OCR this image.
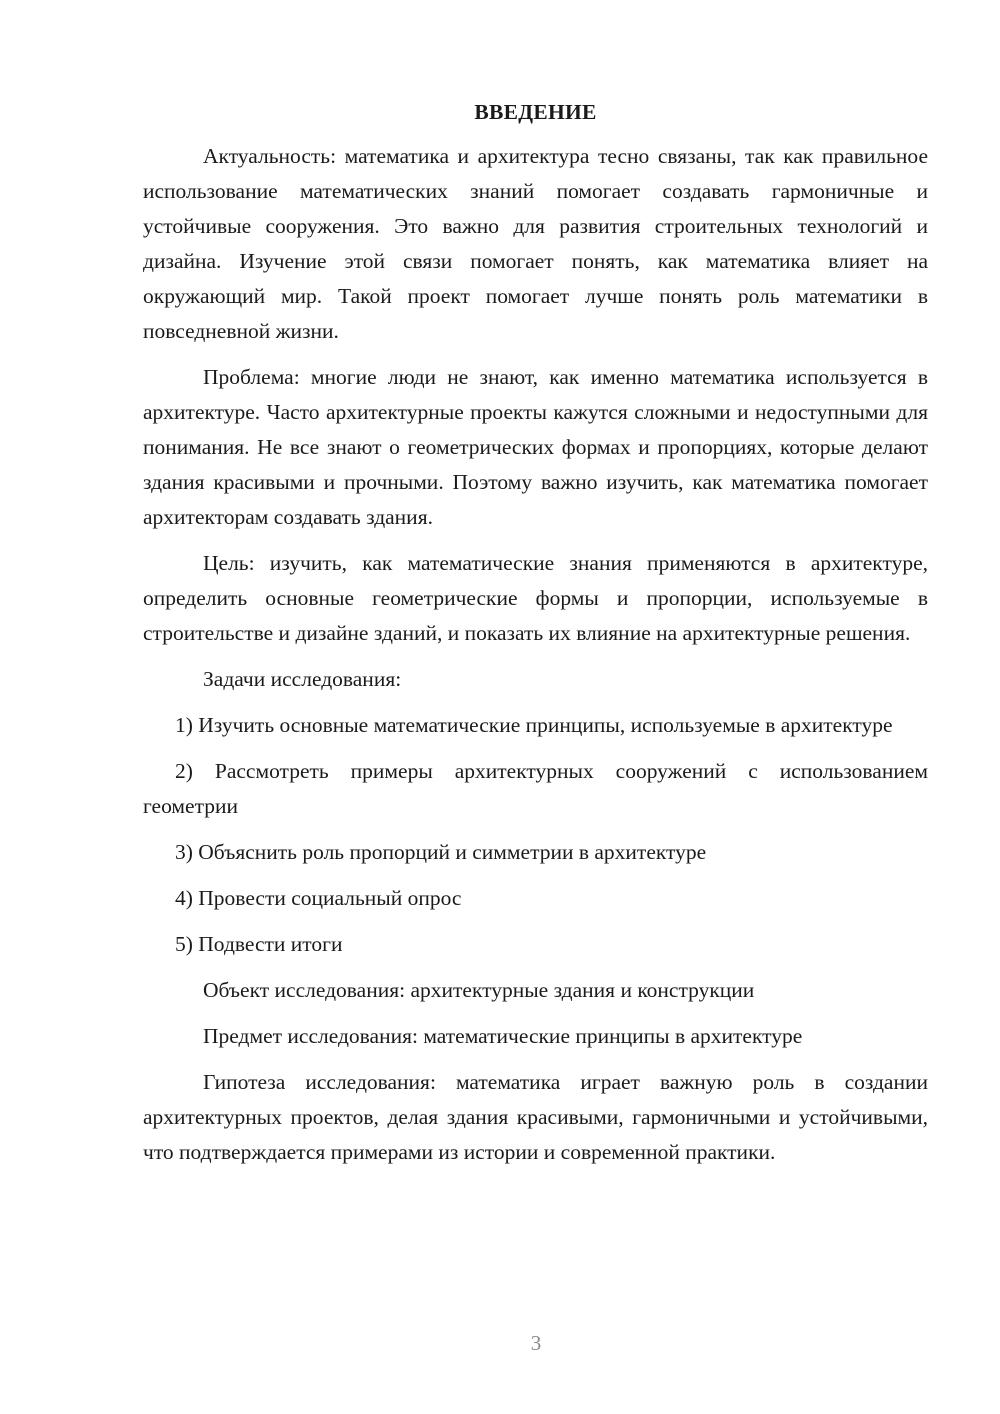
ВВЕДЕНИЕ

Актуальность: математика и архитектура тесно связаны, так как правильное использование математических знаний помогает создавать гармоничные и устойчивые сооружения. Это важно для развития строительных технологий и дизайна. Изучение этой связи помогает понять, как математика влияет на окружающий мир. Такой проект помогает лучше понять роль математики в повседневной жизни.

Проблема: многие люди не знают, как именно математика используется в архитектуре. Часто архитектурные проекты кажутся сложными и недоступными для понимания. Не все знают о геометрических формах и пропорциях, которые делают здания красивыми и прочными. Поэтому важно изучить, как математика помогает архитекторам создавать здания.

Цель: изучить, как математические знания применяются в архитектуре, определить основные геометрические формы и пропорции, используемые в строительстве и дизайне зданий, и показать их влияние на архитектурные решения.

Задачи исследования:

1) Изучить основные математические принципы, используемые в архитектуре

2) Рассмотреть примеры архитектурных сооружений с использованием геометрии

3) Объяснить роль пропорций и симметрии в архитектуре

4) Провести социальный опрос

5) Подвести итоги

Объект исследования: архитектурные здания и конструкции

Предмет исследования: математические принципы в архитектуре

Гипотеза исследования: математика играет важную роль в создании архитектурных проектов, делая здания красивыми, гармоничными и устойчивыми, что подтверждается примерами из истории и современной практики.

3
